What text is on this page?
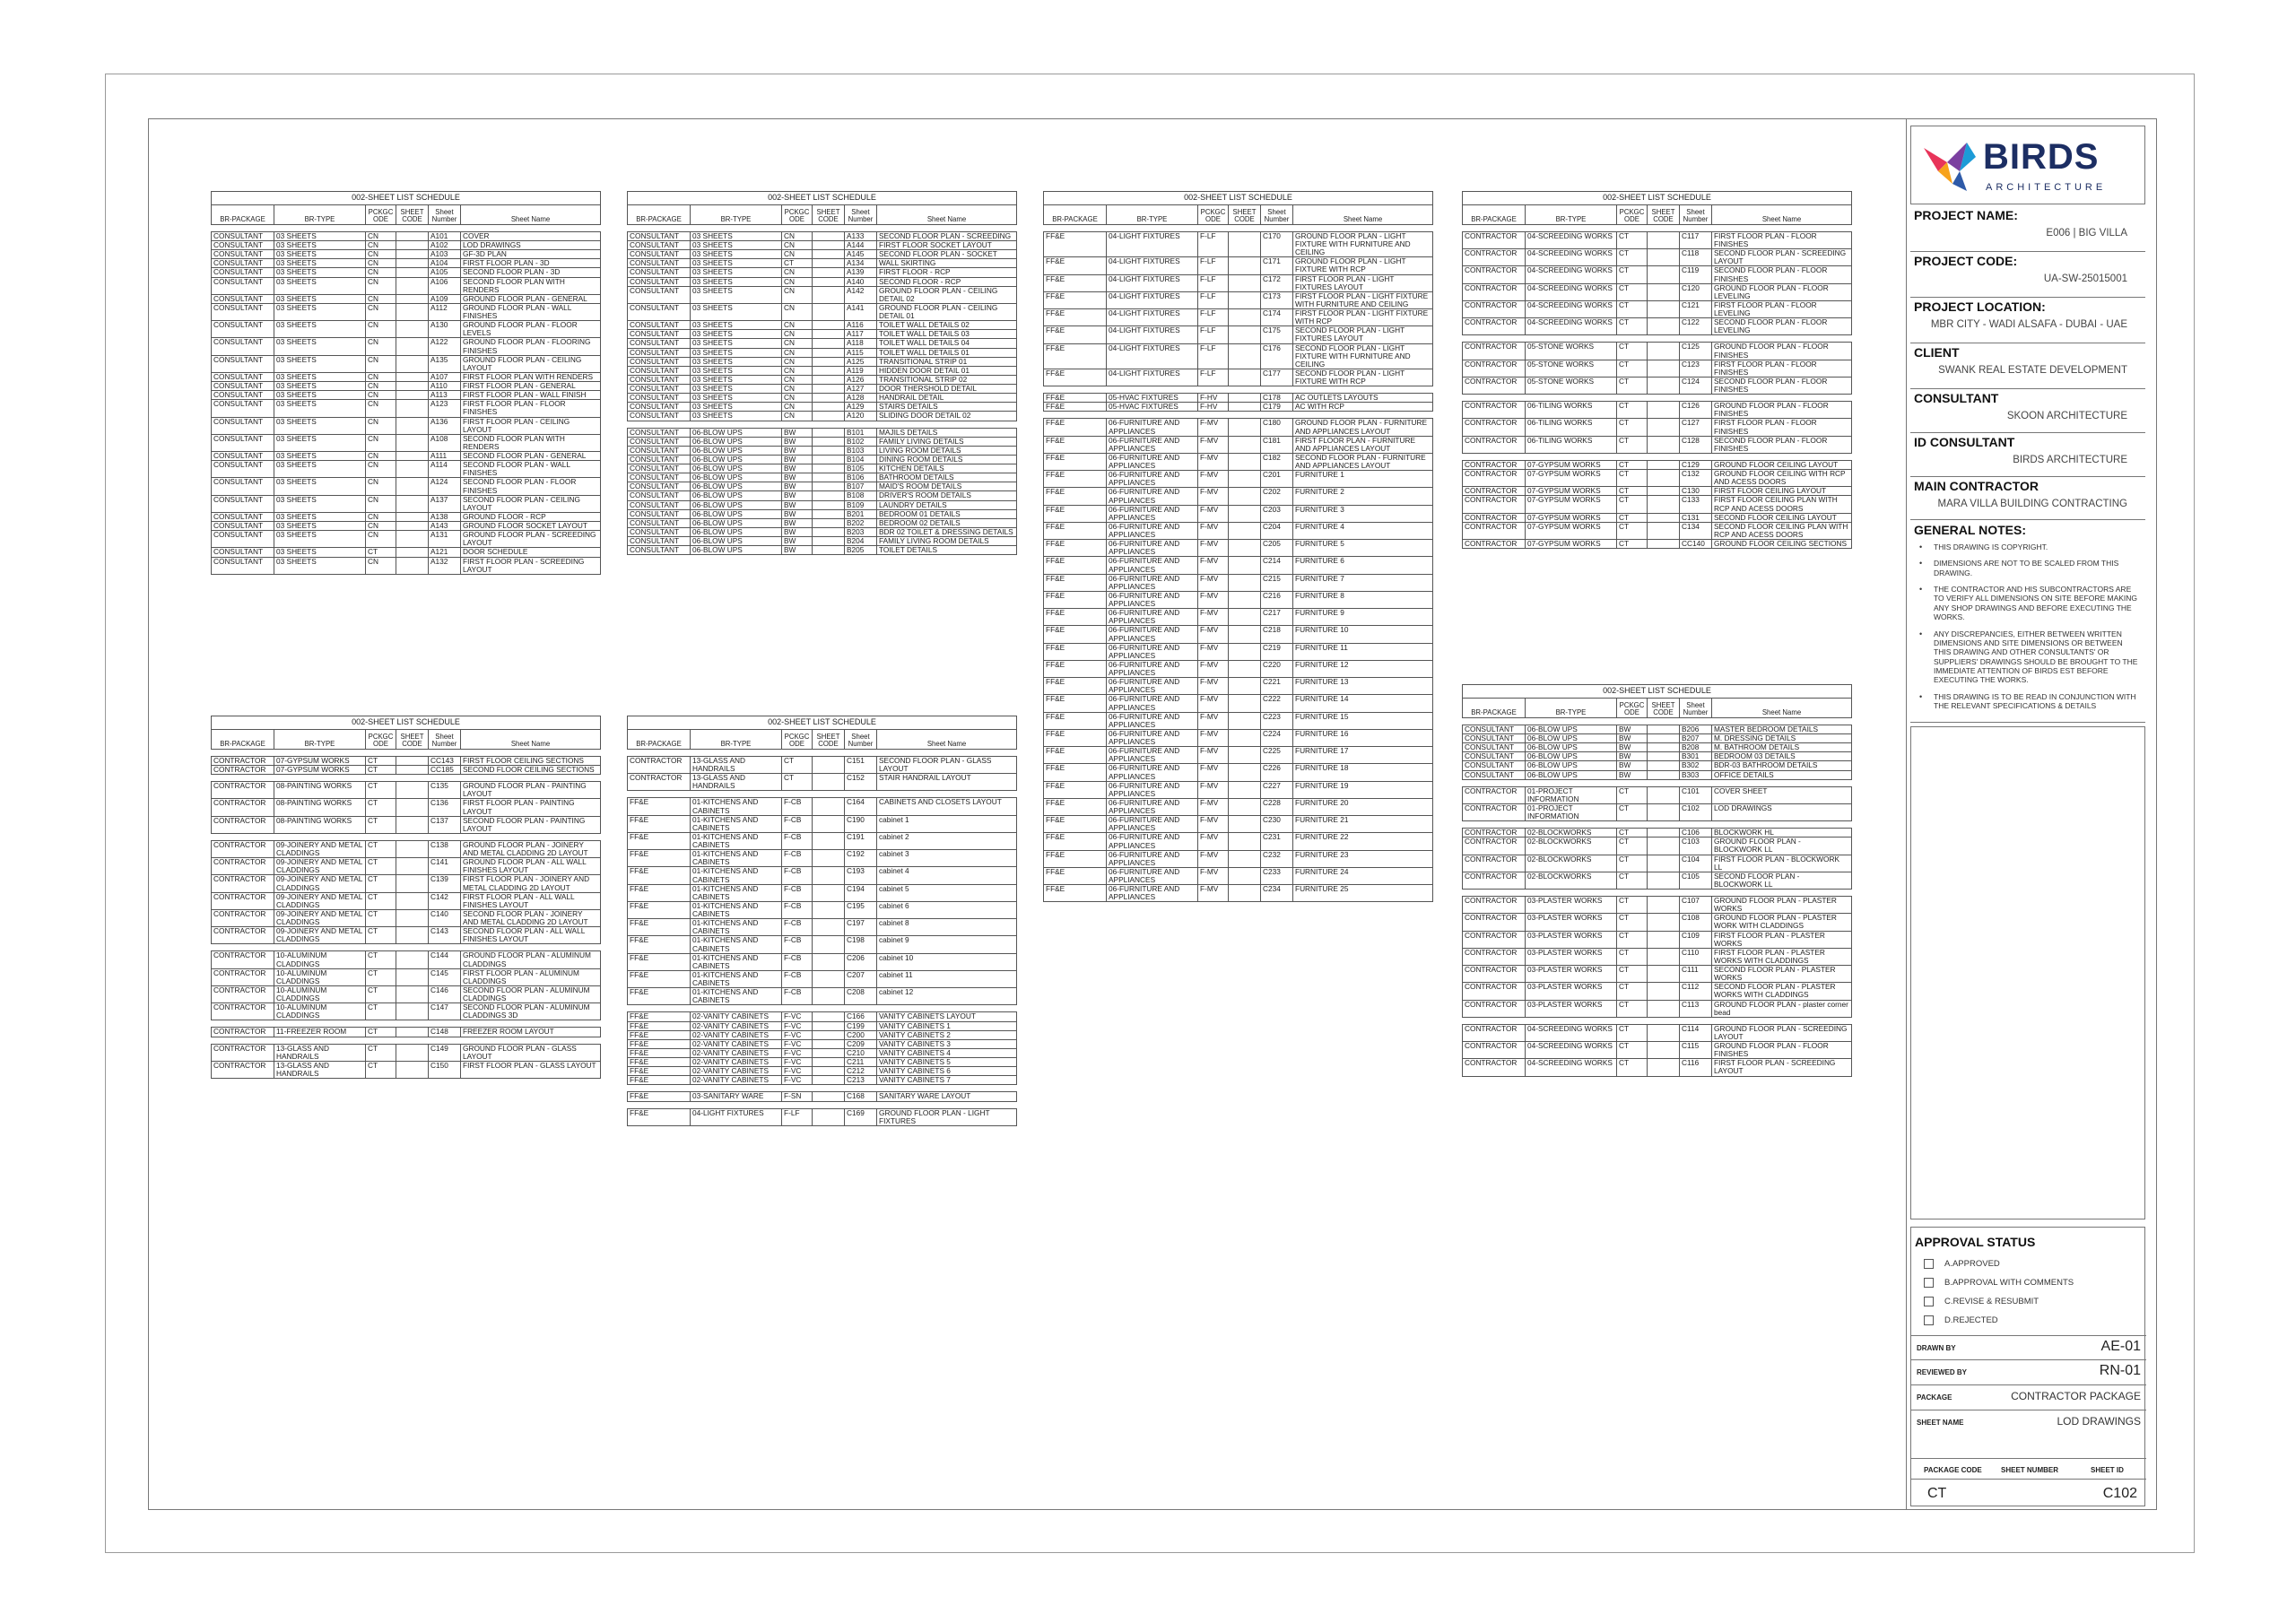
002-SHEET LIST SCHEDULE					
BR-PACKAGE	BR-TYPE	PCKGCODE	SHEET CODE	Sheet Number	Sheet Name

CONSULTANT	03 SHEETS	CN		A101	COVER
CONSULTANT	03 SHEETS	CN		A102	LOD DRAWINGS
CONSULTANT	03 SHEETS	CN		A103	GF-3D PLAN
CONSULTANT	03 SHEETS	CN		A104	FIRST FLOOR PLAN - 3D
CONSULTANT	03 SHEETS	CN		A105	SECOND FLOOR PLAN - 3D
CONSULTANT	03 SHEETS	CN		A106	SECOND FLOOR PLAN WITH RENDERS
CONSULTANT	03 SHEETS	CN		A109	GROUND FLOOR PLAN - GENERAL
CONSULTANT	03 SHEETS	CN		A112	GROUND FLOOR PLAN - WALL FINISHES
CONSULTANT	03 SHEETS	CN		A130	GROUND FLOOR PLAN - FLOOR LEVELS
CONSULTANT	03 SHEETS	CN		A122	GROUND FLOOR PLAN - FLOORING FINISHES
CONSULTANT	03 SHEETS	CN		A135	GROUND FLOOR PLAN - CEILING LAYOUT
CONSULTANT	03 SHEETS	CN		A107	FIRST FLOOR PLAN WITH RENDERS
CONSULTANT	03 SHEETS	CN		A110	FIRST FLOOR PLAN - GENERAL
CONSULTANT	03 SHEETS	CN		A113	FIRST FLOOR PLAN - WALL FINISH
CONSULTANT	03 SHEETS	CN		A123	FIRST FLOOR PLAN - FLOOR FINISHES
CONSULTANT	03 SHEETS	CN		A136	FIRST FLOOR PLAN - CEILING LAYOUT
CONSULTANT	03 SHEETS	CN		A108	SECOND FLOOR PLAN WITH RENDERS
CONSULTANT	03 SHEETS	CN		A111	SECOND FLOOR PLAN - GENERAL
CONSULTANT	03 SHEETS	CN		A114	SECOND FLOOR PLAN - WALL FINISHES
CONSULTANT	03 SHEETS	CN		A124	SECOND FLOOR PLAN - FLOOR FINISHES
CONSULTANT	03 SHEETS	CN		A137	SECOND FLOOR PLAN - CEILING LAYOUT
CONSULTANT	03 SHEETS	CN		A138	GROUND FLOOR - RCP
CONSULTANT	03 SHEETS	CN		A143	GROUND FLOOR SOCKET LAYOUT
CONSULTANT	03 SHEETS	CN		A131	GROUND FLOOR PLAN - SCREEDING LAYOUT
CONSULTANT	03 SHEETS	CT		A121	DOOR SCHEDULE
CONSULTANT	03 SHEETS	CN		A132	FIRST FLOOR PLAN - SCREEDING LAYOUT
002-SHEET LIST SCHEDULE					
BR-PACKAGE	BR-TYPE	PCKGCODE	SHEET CODE	Sheet Number	Sheet Name

CONSULTANT	03 SHEETS	CN		A133	SECOND FLOOR PLAN - SCREEDING
CONSULTANT	03 SHEETS	CN		A144	FIRST FLOOR SOCKET LAYOUT
CONSULTANT	03 SHEETS	CN		A145	SECOND FLOOR PLAN - SOCKET
CONSULTANT	03 SHEETS	CT		A134	WALL SKIRTING
CONSULTANT	03 SHEETS	CN		A139	FIRST FLOOR - RCP
CONSULTANT	03 SHEETS	CN		A140	SECOND FLOOR - RCP
CONSULTANT	03 SHEETS	CN		A142	GROUND FLOOR PLAN - CEILING DETAIL 02
CONSULTANT	03 SHEETS	CN		A141	GROUND FLOOR PLAN - CEILING DETAIL 01
CONSULTANT	03 SHEETS	CN		A116	TOILET WALL DETAILS 02
CONSULTANT	03 SHEETS	CN		A117	TOILET WALL DETAILS 03
CONSULTANT	03 SHEETS	CN		A118	TOILET WALL DETAILS 04
CONSULTANT	03 SHEETS	CN		A115	TOILET WALL DETAILS 01
CONSULTANT	03 SHEETS	CN		A125	TRANSITIONAL STRIP 01
CONSULTANT	03 SHEETS	CN		A119	HIDDEN DOOR DETAIL 01
CONSULTANT	03 SHEETS	CN		A126	TRANSITIONAL STRIP 02
CONSULTANT	03 SHEETS	CN		A127	DOOR THERSHOLD DETAIL
CONSULTANT	03 SHEETS	CN		A128	HANDRAIL DETAIL
CONSULTANT	03 SHEETS	CN		A129	STAIRS DETAILS
CONSULTANT	03 SHEETS	CN		A120	SLIDING DOOR DETAIL 02

CONSULTANT	06-BLOW UPS	BW		B101	MAJILS DETAILS
CONSULTANT	06-BLOW UPS	BW		B102	FAMILY LIVING DETAILS
CONSULTANT	06-BLOW UPS	BW		B103	LIVING ROOM DETAILS
CONSULTANT	06-BLOW UPS	BW		B104	DINING ROOM DETAILS
CONSULTANT	06-BLOW UPS	BW		B105	KITCHEN DETAILS
CONSULTANT	06-BLOW UPS	BW		B106	BATHROOM DETAILS
CONSULTANT	06-BLOW UPS	BW		B107	MAID'S ROOM DETAILS
CONSULTANT	06-BLOW UPS	BW		B108	DRIVER'S ROOM DETAILS
CONSULTANT	06-BLOW UPS	BW		B109	LAUNDRY DETAILS
CONSULTANT	06-BLOW UPS	BW		B201	BEDROOM 01 DETAILS
CONSULTANT	06-BLOW UPS	BW		B202	BEDROOM 02 DETAILS
CONSULTANT	06-BLOW UPS	BW		B203	BDR 02 TOILET & DRESSING DETAILS
CONSULTANT	06-BLOW UPS	BW		B204	FAMILY LIVING ROOM DETAILS
CONSULTANT	06-BLOW UPS	BW		B205	TOILET DETAILS
002-SHEET LIST SCHEDULE					
BR-PACKAGE	BR-TYPE	PCKGCODE	SHEET CODE	Sheet Number	Sheet Name

FF&E	04-LIGHT FIXTURES	F-LF		C170	GROUND FLOOR PLAN - LIGHT FIXTURE WITH FURNITURE AND CEILING
FF&E	04-LIGHT FIXTURES	F-LF		C171	GROUND FLOOR PLAN - LIGHT FIXTURE WITH RCP
FF&E	04-LIGHT FIXTURES	F-LF		C172	FIRST FLOOR PLAN - LIGHT FIXTURES LAYOUT
FF&E	04-LIGHT FIXTURES	F-LF		C173	FIRST FLOOR PLAN - LIGHT FIXTURE WITH FURNITURE AND CEILING
FF&E	04-LIGHT FIXTURES	F-LF		C174	FIRST FLOOR PLAN - LIGHT FIXTURE WITH RCP
FF&E	04-LIGHT FIXTURES	F-LF		C175	SECOND FLOOR PLAN - LIGHT FIXTURES LAYOUT
FF&E	04-LIGHT FIXTURES	F-LF		C176	SECOND FLOOR PLAN - LIGHT FIXTURE WITH FURNITURE AND CEILING
FF&E	04-LIGHT FIXTURES	F-LF		C177	SECOND FLOOR PLAN - LIGHT FIXTURE WITH RCP

FF&E	05-HVAC FIXTURES	F-HV		C178	AC OUTLETS LAYOUTS
FF&E	05-HVAC FIXTURES	F-HV		C179	AC WITH RCP

FF&E	06-FURNITURE AND APPLIANCES	F-MV		C180	GROUND FLOOR PLAN - FURNITURE AND APPLIANCES LAYOUT
FF&E	06-FURNITURE AND APPLIANCES	F-MV		C181	FIRST FLOOR PLAN - FURNITURE AND APPLIANCES LAYOUT
FF&E	06-FURNITURE AND APPLIANCES	F-MV		C182	SECOND FLOOR PLAN - FURNITURE AND APPLIANCES LAYOUT
FF&E	06-FURNITURE AND APPLIANCES	F-MV		C201	FURNITURE 1
FF&E	06-FURNITURE AND APPLIANCES	F-MV		C202	FURNITURE 2
FF&E	06-FURNITURE AND APPLIANCES	F-MV		C203	FURNITURE 3
FF&E	06-FURNITURE AND APPLIANCES	F-MV		C204	FURNITURE 4
FF&E	06-FURNITURE AND APPLIANCES	F-MV		C205	FURNITURE 5
FF&E	06-FURNITURE AND APPLIANCES	F-MV		C214	FURNITURE 6
FF&E	06-FURNITURE AND APPLIANCES	F-MV		C215	FURNITURE 7
FF&E	06-FURNITURE AND APPLIANCES	F-MV		C216	FURNITURE 8
FF&E	06-FURNITURE AND APPLIANCES	F-MV		C217	FURNITURE 9
FF&E	06-FURNITURE AND APPLIANCES	F-MV		C218	FURNITURE 10
FF&E	06-FURNITURE AND APPLIANCES	F-MV		C219	FURNITURE 11
FF&E	06-FURNITURE AND APPLIANCES	F-MV		C220	FURNITURE 12
FF&E	06-FURNITURE AND APPLIANCES	F-MV		C221	FURNITURE 13
FF&E	06-FURNITURE AND APPLIANCES	F-MV		C222	FURNITURE 14
FF&E	06-FURNITURE AND APPLIANCES	F-MV		C223	FURNITURE 15
FF&E	06-FURNITURE AND APPLIANCES	F-MV		C224	FURNITURE 16
FF&E	06-FURNITURE AND APPLIANCES	F-MV		C225	FURNITURE 17
FF&E	06-FURNITURE AND APPLIANCES	F-MV		C226	FURNITURE 18
FF&E	06-FURNITURE AND APPLIANCES	F-MV		C227	FURNITURE 19
FF&E	06-FURNITURE AND APPLIANCES	F-MV		C228	FURNITURE 20
FF&E	06-FURNITURE AND APPLIANCES	F-MV		C230	FURNITURE 21
FF&E	06-FURNITURE AND APPLIANCES	F-MV		C231	FURNITURE 22
FF&E	06-FURNITURE AND APPLIANCES	F-MV		C232	FURNITURE 23
FF&E	06-FURNITURE AND APPLIANCES	F-MV		C233	FURNITURE 24
FF&E	06-FURNITURE AND APPLIANCES	F-MV		C234	FURNITURE 25
002-SHEET LIST SCHEDULE					
BR-PACKAGE	BR-TYPE	PCKGCODE	SHEET CODE	Sheet Number	Sheet Name

CONTRACTOR	04-SCREEDING WORKS	CT		C117	FIRST FLOOR PLAN - FLOOR FINISHES
CONTRACTOR	04-SCREEDING WORKS	CT		C118	SECOND FLOOR PLAN - SCREEDING LAYOUT
CONTRACTOR	04-SCREEDING WORKS	CT		C119	SECOND FLOOR PLAN - FLOOR FINISHES
CONTRACTOR	04-SCREEDING WORKS	CT		C120	GROUND FLOOR PLAN - FLOOR LEVELING
CONTRACTOR	04-SCREEDING WORKS	CT		C121	FIRST FLOOR PLAN - FLOOR LEVELING
CONTRACTOR	04-SCREEDING WORKS	CT		C122	SECOND FLOOR PLAN - FLOOR LEVELING

CONTRACTOR	05-STONE WORKS	CT		C125	GROUND FLOOR PLAN - FLOOR FINISHES
CONTRACTOR	05-STONE WORKS	CT		C123	FIRST FLOOR PLAN - FLOOR FINISHES
CONTRACTOR	05-STONE WORKS	CT		C124	SECOND FLOOR PLAN - FLOOR FINISHES

CONTRACTOR	06-TILING WORKS	CT		C126	GROUND FLOOR PLAN - FLOOR FINISHES
CONTRACTOR	06-TILING WORKS	CT		C127	FIRST FLOOR PLAN - FLOOR FINISHES
CONTRACTOR	06-TILING WORKS	CT		C128	SECOND FLOOR PLAN - FLOOR FINISHES

CONTRACTOR	07-GYPSUM WORKS	CT		C129	GROUND FLOOR CEILING LAYOUT
CONTRACTOR	07-GYPSUM WORKS	CT		C132	GROUND FLOOR CEILING WITH RCP AND ACESS DOORS
CONTRACTOR	07-GYPSUM WORKS	CT		C130	FIRST FLOOR CEILING LAYOUT
CONTRACTOR	07-GYPSUM WORKS	CT		C133	FIRST FLOOR CEILING PLAN WITH RCP AND ACESS DOORS
CONTRACTOR	07-GYPSUM WORKS	CT		C131	SECOND FLOOR CEILING LAYOUT
CONTRACTOR	07-GYPSUM WORKS	CT		C134	SECOND FLOOR CEILING PLAN WITH RCP AND ACESS DOORS
CONTRACTOR	07-GYPSUM WORKS	CT		CC140	GROUND FLOOR CEILING SECTIONS
002-SHEET LIST SCHEDULE					
BR-PACKAGE	BR-TYPE	PCKGCODE	SHEET CODE	Sheet Number	Sheet Name

CONTRACTOR	07-GYPSUM WORKS	CT		CC143	FIRST FLOOR CEILING SECTIONS
CONTRACTOR	07-GYPSUM WORKS	CT		CC185	SECOND FLOOR CEILING SECTIONS

CONTRACTOR	08-PAINTING WORKS	CT		C135	GROUND FLOOR PLAN - PAINTING LAYOUT
CONTRACTOR	08-PAINTING WORKS	CT		C136	FIRST FLOOR PLAN - PAINTING LAYOUT
CONTRACTOR	08-PAINTING WORKS	CT		C137	SECOND FLOOR PLAN - PAINTING LAYOUT

CONTRACTOR	09-JOINERY AND METAL CLADDINGS	CT		C138	GROUND FLOOR PLAN - JOINERY AND METAL CLADDING 2D LAYOUT
CONTRACTOR	09-JOINERY AND METAL CLADDINGS	CT		C141	GROUND FLOOR PLAN - ALL WALL FINISHES LAYOUT
CONTRACTOR	09-JOINERY AND METAL CLADDINGS	CT		C139	FIRST FLOOR PLAN - JOINERY AND METAL CLADDING 2D LAYOUT
CONTRACTOR	09-JOINERY AND METAL CLADDINGS	CT		C142	FIRST FLOOR PLAN - ALL WALL FINISHES LAYOUT
CONTRACTOR	09-JOINERY AND METAL CLADDINGS	CT		C140	SECOND FLOOR PLAN - JOINERY AND METAL CLADDING 2D LAYOUT
CONTRACTOR	09-JOINERY AND METAL CLADDINGS	CT		C143	SECOND FLOOR PLAN - ALL WALL FINISHES LAYOUT

CONTRACTOR	10-ALUMINUM CLADDINGS	CT		C144	GROUND FLOOR PLAN - ALUMINUM CLADDINGS
CONTRACTOR	10-ALUMINUM CLADDINGS	CT		C145	FIRST FLOOR PLAN - ALUMINUM CLADDINGS
CONTRACTOR	10-ALUMINUM CLADDINGS	CT		C146	SECOND FLOOR PLAN - ALUMINUM CLADDINGS
CONTRACTOR	10-ALUMINUM CLADDINGS	CT		C147	SECOND FLOOR PLAN - ALUMINUM CLADDINGS 3D

CONTRACTOR	11-FREEZER ROOM	CT		C148	FREEZER ROOM LAYOUT

CONTRACTOR	13-GLASS AND HANDRAILS	CT		C149	GROUND FLOOR PLAN - GLASS LAYOUT
CONTRACTOR	13-GLASS AND HANDRAILS	CT		C150	FIRST FLOOR PLAN - GLASS LAYOUT
002-SHEET LIST SCHEDULE					
BR-PACKAGE	BR-TYPE	PCKGCODE	SHEET CODE	Sheet Number	Sheet Name

CONTRACTOR	13-GLASS AND HANDRAILS	CT		C151	SECOND FLOOR PLAN - GLASS LAYOUT
CONTRACTOR	13-GLASS AND HANDRAILS	CT		C152	STAIR HANDRAIL LAYOUT

FF&E	01-KITCHENS AND CABINETS	F-CB		C164	CABINETS AND CLOSETS LAYOUT
FF&E	01-KITCHENS AND CABINETS	F-CB		C190	cabinet 1
FF&E	01-KITCHENS AND CABINETS	F-CB		C191	cabinet 2
FF&E	01-KITCHENS AND CABINETS	F-CB		C192	cabinet 3
FF&E	01-KITCHENS AND CABINETS	F-CB		C193	cabinet 4
FF&E	01-KITCHENS AND CABINETS	F-CB		C194	cabinet 5
FF&E	01-KITCHENS AND CABINETS	F-CB		C195	cabinet 6
FF&E	01-KITCHENS AND CABINETS	F-CB		C197	cabinet 8
FF&E	01-KITCHENS AND CABINETS	F-CB		C198	cabinet 9
FF&E	01-KITCHENS AND CABINETS	F-CB		C206	cabinet 10
FF&E	01-KITCHENS AND CABINETS	F-CB		C207	cabinet 11
FF&E	01-KITCHENS AND CABINETS	F-CB		C208	cabinet 12

FF&E	02-VANITY CABINETS	F-VC		C166	VANITY CABINETS LAYOUT
FF&E	02-VANITY CABINETS	F-VC		C199	VANITY CABINETS 1
FF&E	02-VANITY CABINETS	F-VC		C200	VANITY CABINETS 2
FF&E	02-VANITY CABINETS	F-VC		C209	VANITY CABINETS 3
FF&E	02-VANITY CABINETS	F-VC		C210	VANITY CABINETS 4
FF&E	02-VANITY CABINETS	F-VC		C211	VANITY CABINETS 5
FF&E	02-VANITY CABINETS	F-VC		C212	VANITY CABINETS 6
FF&E	02-VANITY CABINETS	F-VC		C213	VANITY CABINETS 7

FF&E	03-SANITARY WARE	F-SN		C168	SANITARY WARE LAYOUT

FF&E	04-LIGHT FIXTURES	F-LF		C169	GROUND FLOOR PLAN - LIGHT FIXTURES
002-SHEET LIST SCHEDULE					
BR-PACKAGE	BR-TYPE	PCKGCODE	SHEET CODE	Sheet Number	Sheet Name

CONSULTANT	06-BLOW UPS	BW		B206	MASTER BEDROOM DETAILS
CONSULTANT	06-BLOW UPS	BW		B207	M. DRESSING DETAILS
CONSULTANT	06-BLOW UPS	BW		B208	M. BATHROOM DETAILS
CONSULTANT	06-BLOW UPS	BW		B301	BEDROOM 03 DETAILS
CONSULTANT	06-BLOW UPS	BW		B302	BDR-03 BATHROOM DETAILS
CONSULTANT	06-BLOW UPS	BW		B303	OFFICE DETAILS

CONTRACTOR	01-PROJECT INFORMATION	CT		C101	COVER SHEET
CONTRACTOR	01-PROJECT INFORMATION	CT		C102	LOD DRAWINGS

CONTRACTOR	02-BLOCKWORKS	CT		C106	BLOCKWORK HL
CONTRACTOR	02-BLOCKWORKS	CT		C103	GROUND FLOOR PLAN - BLOCKWORK LL
CONTRACTOR	02-BLOCKWORKS	CT		C104	FIRST FLOOR PLAN - BLOCKWORK LL
CONTRACTOR	02-BLOCKWORKS	CT		C105	SECOND FLOOR PLAN - BLOCKWORK LL

CONTRACTOR	03-PLASTER WORKS	CT		C107	GROUND FLOOR PLAN - PLASTER WORKS
CONTRACTOR	03-PLASTER WORKS	CT		C108	GROUND FLOOR PLAN - PLASTER WORK WITH CLADDINGS
CONTRACTOR	03-PLASTER WORKS	CT		C109	FIRST FLOOR PLAN - PLASTER WORKS
CONTRACTOR	03-PLASTER WORKS	CT		C110	FIRST FLOOR PLAN - PLASTER WORKS WITH CLADDINGS
CONTRACTOR	03-PLASTER WORKS	CT		C111	SECOND FLOOR PLAN - PLASTER WORKS
CONTRACTOR	03-PLASTER WORKS	CT		C112	SECOND FLOOR PLAN - PLASTER WORKS WITH CLADDINGS
CONTRACTOR	03-PLASTER WORKS	CT		C113	GROUND FLOOR PLAN - plaster corner bead

CONTRACTOR	04-SCREEDING WORKS	CT		C114	GROUND FLOOR PLAN - SCREEDING LAYOUT
CONTRACTOR	04-SCREEDING WORKS	CT		C115	GROUND FLOOR PLAN - FLOOR FINISHES
CONTRACTOR	04-SCREEDING WORKS	CT		C116	FIRST FLOOR PLAN - SCREEDING LAYOUT
BIRDS
ARCHITECTURE
PROJECT NAME:
E006 | BIG VILLA
PROJECT CODE:
UA-SW-25015001
PROJECT LOCATION:
MBR CITY - WADI ALSAFA - DUBAI - UAE
CLIENT
SWANK REAL ESTATE DEVELOPMENT
CONSULTANT
SKOON ARCHITECTURE
ID CONSULTANT
BIRDS ARCHITECTURE
MAIN CONTRACTOR
MARA VILLA BUILDING CONTRACTING
GENERAL NOTES:
• THIS DRAWING IS COPYRIGHT.
• DIMENSIONS ARE NOT TO BE SCALED FROM THIS DRAWING.
• THE CONTRACTOR AND HIS SUBCONTRACTORS ARE TO VERIFY ALL DIMENSIONS ON SITE BEFORE MAKING ANY SHOP DRAWINGS AND BEFORE EXECUTING THE WORKS.
• ANY DISCREPANCIES, EITHER BETWEEN WRITTEN DIMENSIONS AND SITE DIMENSIONS OR BETWEEN THIS DRAWING AND OTHER CONSULTANTS' OR SUPPLIERS' DRAWINGS SHOULD BE BROUGHT TO THE IMMEDIATE ATTENTION OF BIRDS EST BEFORE EXECUTING THE WORKS.
• THIS DRAWING IS TO BE READ IN CONJUNCTION WITH THE RELEVANT SPECIFICATIONS & DETAILS
APPROVAL STATUS
A.APPROVED
B.APPROVAL WITH COMMENTS
C.REVISE & RESUBMIT
D.REJECTED
DRAWN BY	AE-01
REVIEWED BY	RN-01
PACKAGE	CONTRACTOR PACKAGE
SHEET NAME	LOD DRAWINGS
PACKAGE CODE	SHEET NUMBER	SHEET ID
CT	C102
